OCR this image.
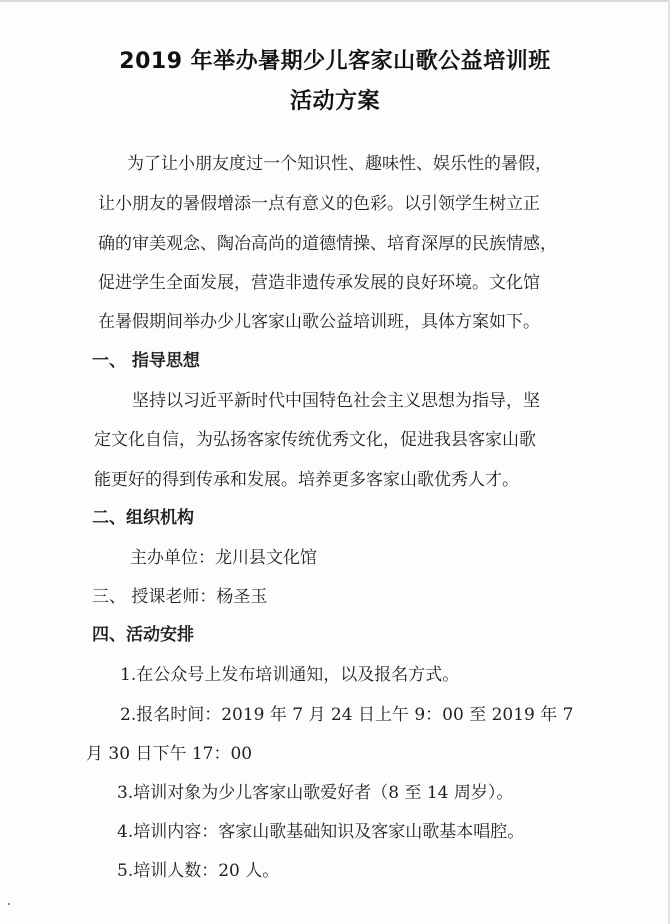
2019 年举办暑期少儿客家山歌公益培训班
活动方案
为了让小朋友度过一个知识性、趣味性、娱乐性的暑假，
让小朋友的暑假增添一点有意义的色彩。以引领学生树立正
确的审美观念、陶冶高尚的道德情操、培育深厚的民族情感，
促进学生全面发展，营造非遗传承发展的良好环境。文化馆
在暑假期间举办少儿客家山歌公益培训班，具体方案如下。
一、 指导思想
坚持以习近平新时代中国特色社会主义思想为指导，坚
定文化自信，为弘扬客家传统优秀文化，促进我县客家山歌
能更好的得到传承和发展。培养更多客家山歌优秀人才。
二、组织机构
主办单位：龙川县文化馆
三、 授课老师：杨圣玉
四、活动安排
1.在公众号上发布培训通知，以及报名方式。
2.报名时间：2019 年 7 月 24 日上午 9：00 至 2019 年 7
月 30 日下午 17：00
3.培训对象为少儿客家山歌爱好者（8 至 14 周岁）。
4.培训内容：客家山歌基础知识及客家山歌基本唱腔。
5.培训人数：20 人。
